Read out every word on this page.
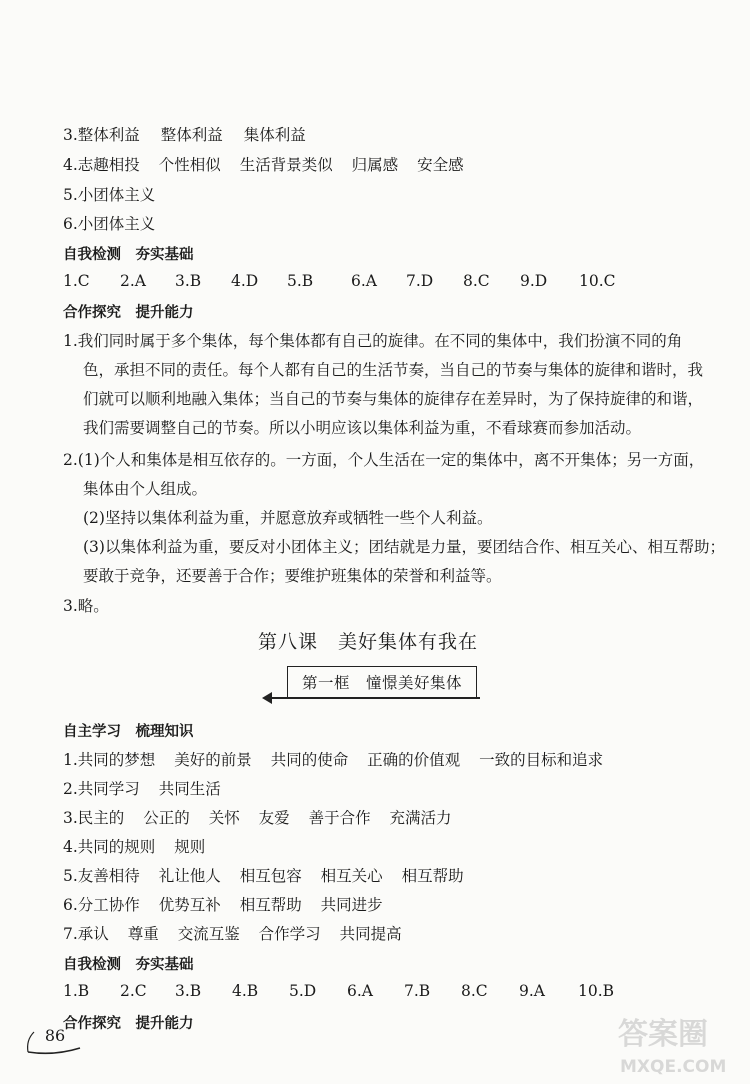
3.整体利益 整体利益 集体利益
4.志趣相投 个性相似 生活背景类似 归属感 安全感
5.小团体主义
6.小团体主义
自我检测　夯实基础
1.C 2.A 3.B 4.D 5.B 6.A 7.D 8.C 9.D 10.C
合作探究　提升能力
1.我们同时属于多个集体，每个集体都有自己的旋律。在不同的集体中，我们扮演不同的角
色，承担不同的责任。每个人都有自己的生活节奏，当自己的节奏与集体的旋律和谐时，我
们就可以顺利地融入集体；当自己的节奏与集体的旋律存在差异时，为了保持旋律的和谐，
我们需要调整自己的节奏。所以小明应该以集体利益为重，不看球赛而参加活动。
2.(1)个人和集体是相互依存的。一方面，个人生活在一定的集体中，离不开集体；另一方面，
集体由个人组成。
(2)坚持以集体利益为重，并愿意放弃或牺牲一些个人利益。
(3)以集体利益为重，要反对小团体主义；团结就是力量，要团结合作、相互关心、相互帮助；
要敢于竞争，还要善于合作；要维护班集体的荣誉和利益等。
3.略。
第八课　美好集体有我在
第一框　憧憬美好集体
自主学习　梳理知识
1.共同的梦想 美好的前景 共同的使命 正确的价值观 一致的目标和追求
2.共同学习 共同生活
3.民主的 公正的 关怀 友爱 善于合作 充满活力
4.共同的规则 规则
5.友善相待 礼让他人 相互包容 相互关心 相互帮助
6.分工协作 优势互补 相互帮助 共同进步
7.承认 尊重 交流互鉴 合作学习 共同提高
自我检测　夯实基础
1.B 2.C 3.B 4.B 5.D 6.A 7.B 8.C 9.A 10.B
合作探究　提升能力
86	答案圈
MXQE.COM
